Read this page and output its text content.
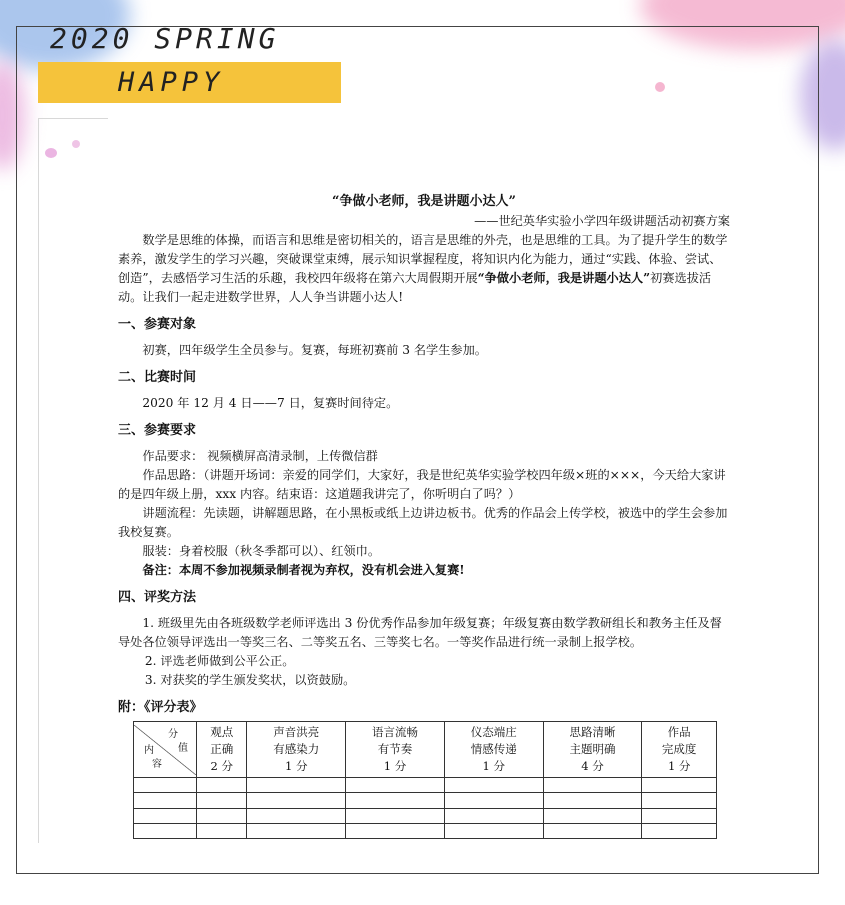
2020 SPRING
HAPPY

“争做小老师，我是讲题小达人”

——世纪英华实验小学四年级讲题活动初赛方案

数学是思维的体操，而语言和思维是密切相关的，语言是思维的外壳，也是思维的工具。为了提升学生的数学素养，激发学生的学习兴趣，突破课堂束缚，展示知识掌握程度，将知识内化为能力，通过“实践、体验、尝试、创造”，去感悟学习生活的乐趣，我校四年级将在第六大周假期开展“争做小老师，我是讲题小达人”初赛选拔活动。让我们一起走进数学世界，人人争当讲题小达人!

一、参赛对象

初赛，四年级学生全员参与。复赛，每班初赛前 3 名学生参加。

二、比赛时间

2020 年 12 月 4 日——7 日，复赛时间待定。

三、参赛要求

作品要求： 视频横屏高清录制，上传微信群

作品思路：（讲题开场词：亲爱的同学们，大家好，我是世纪英华实验学校四年级×班的×××，今天给大家讲的是四年级上册，xxx 内容。结束语：这道题我讲完了，你听明白了吗？）

讲题流程：先读题，讲解题思路，在小黑板或纸上边讲边板书。优秀的作品会上传学校，被选中的学生会参加我校复赛。

服装：身着校服（秋冬季都可以）、红领巾。

备注：本周不参加视频录制者视为弃权，没有机会进入复赛!

四、评奖方法

1. 班级里先由各班级数学老师评选出 3 份优秀作品参加年级复赛；年级复赛由数学教研组长和教务主任及督导处各位领导评选出一等奖三名、二等奖五名、三等奖七名。一等奖作品进行统一录制上报学校。

2. 评选老师做到公平公正。

3. 对获奖的学生颁发奖状，以资鼓励。

附：《评分表》

分
值
内
容	观点
正确
2 分	声音洪亮
有感染力
1 分	语言流畅
有节奏
1 分	仪态端庄
情感传递
1 分	思路清晰
主题明确
4 分	作品
完成度
1 分
